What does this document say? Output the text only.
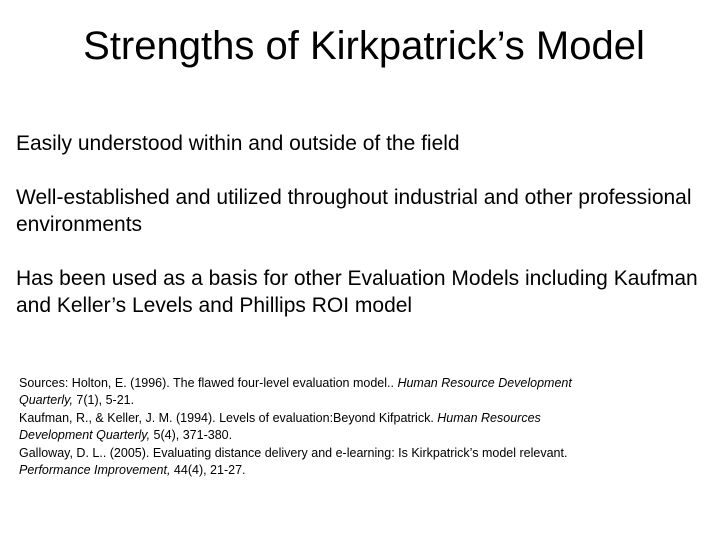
Strengths of Kirkpatrick’s Model

Easily understood within and outside of the field

Well-established and utilized throughout industrial and other professional environments

Has been used as a basis for other Evaluation Models including Kaufman and Keller’s Levels and Phillips ROI model

Sources: Holton, E. (1996). The flawed four-level evaluation model.. Human Resource Development

Quarterly, 7(1), 5-21.

Kaufman, R., & Keller, J. M. (1994). Levels of evaluation:Beyond Kifpatrick. Human Resources

Development Quarterly, 5(4), 371-380.

Galloway, D. L.. (2005). Evaluating distance delivery and e-learning: Is Kirkpatrick’s model relevant.

Performance Improvement, 44(4), 21-27.
